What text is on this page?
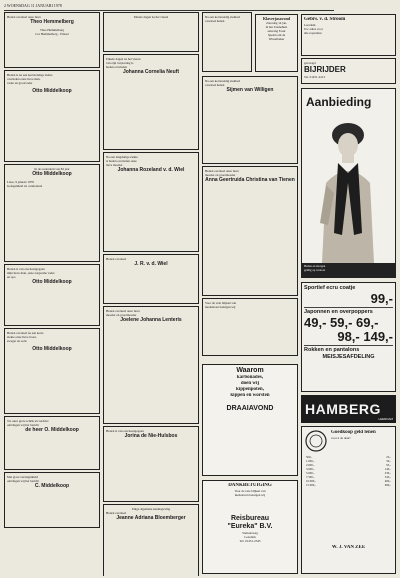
2 WOENSDAG 11 JANUARI 1978
Heden overleed onze lieve
Theo Hemmelberg
Theo Hemmelberg
Cor Hemmelberg - Wiesel
Heden is na een kortstondige ziekte
overleden onze lieve man,
vader en grootvader
Otto Middelkoop
In de ouderdom van 82 jaar
Otto Middelkoop
Lisse, 9 januari 1978
Gelegenheid tot condoleren
Heden is van ons heengegaan
mijn lieve man, onze zorgzame vader
en opa
Otto Middelkoop
Heden overleed na een korte
ziekte onze lieve broer,
zwager en oom
Otto Middelkoop
Tot onze grote schrik en verdriet
ontvingen wij het bericht
de heer O. Middelkoop
Met grote verslagenheid
ontvingen wij het bericht
C. Middelkoop
Enkele dagen na het vieren
Enkele dagen na het vieren
van zijn verjaardag is
heden overleden
Johanna Cornelia Neuft
Na een langdurige ziekte
is heden overleden onze
lieve moeder
Johanna Rozeland v. d. Wiel
Heden overleed
J. R. v. d. Wiel
Heden overleed onze lieve
moeder en grootmoeder
Joelene Johanna Lenteris
Heden is van ons heengegaan
Jorina de Nie-Hulsbos
Enige algemene kennisgeving
Heden overleed
Jeanne Adriana Bloemberger
Na een kortstondig ziekbed
overleed heden	Klaverjasavond
Zaterdag 14 jan.
in het Zonnehuis
aanvang 8 uur
Spelen om de
Wisselbeker
Na een kortstondig ziekbed
overleed heden
Sijmen van Willigen
Heden overleed onze lieve
moeder en grootmoeder
Anna Geertruida Christina van Tienen
Voor de vele blijken van
medeleven betuigen wij
Waarom
karbonades,
doen wij
kippenpoten,
kippen en worsten
DRAAIAVOND
DANKBETUIGING
Voor de vele blijken van
medeleven betuigen wij
Reisbureau
"Eureka" B.V.
Stationsweg
Leerdam
Tel. 01451-2345
Gebrs. v. d. Stroom
Leerdam
Uw adres voor
alle reparaties
gevraagd
BIJRIJDER
Tel. 01451-2213
Aanbieding
Heden en morgen
geldig op vertoon
Sportief ecru coatje
99,-
Japonnen en overpoppers
49,- 59,- 69,-
98,- 149,-
Rokken en pantalons
MEISJESAFDELING
HAMBERG
LEERDAM
Goedkoop geld lenen
voor u de deur!
500,-	25,-
1.000,-	50,-
2.000,-	95,-
3.000,-	140,-
5.000,-	230,-
7.500,-	345,-
10.000,-	460,-
15.000,-	690,-
W. J. VAN ZEE
